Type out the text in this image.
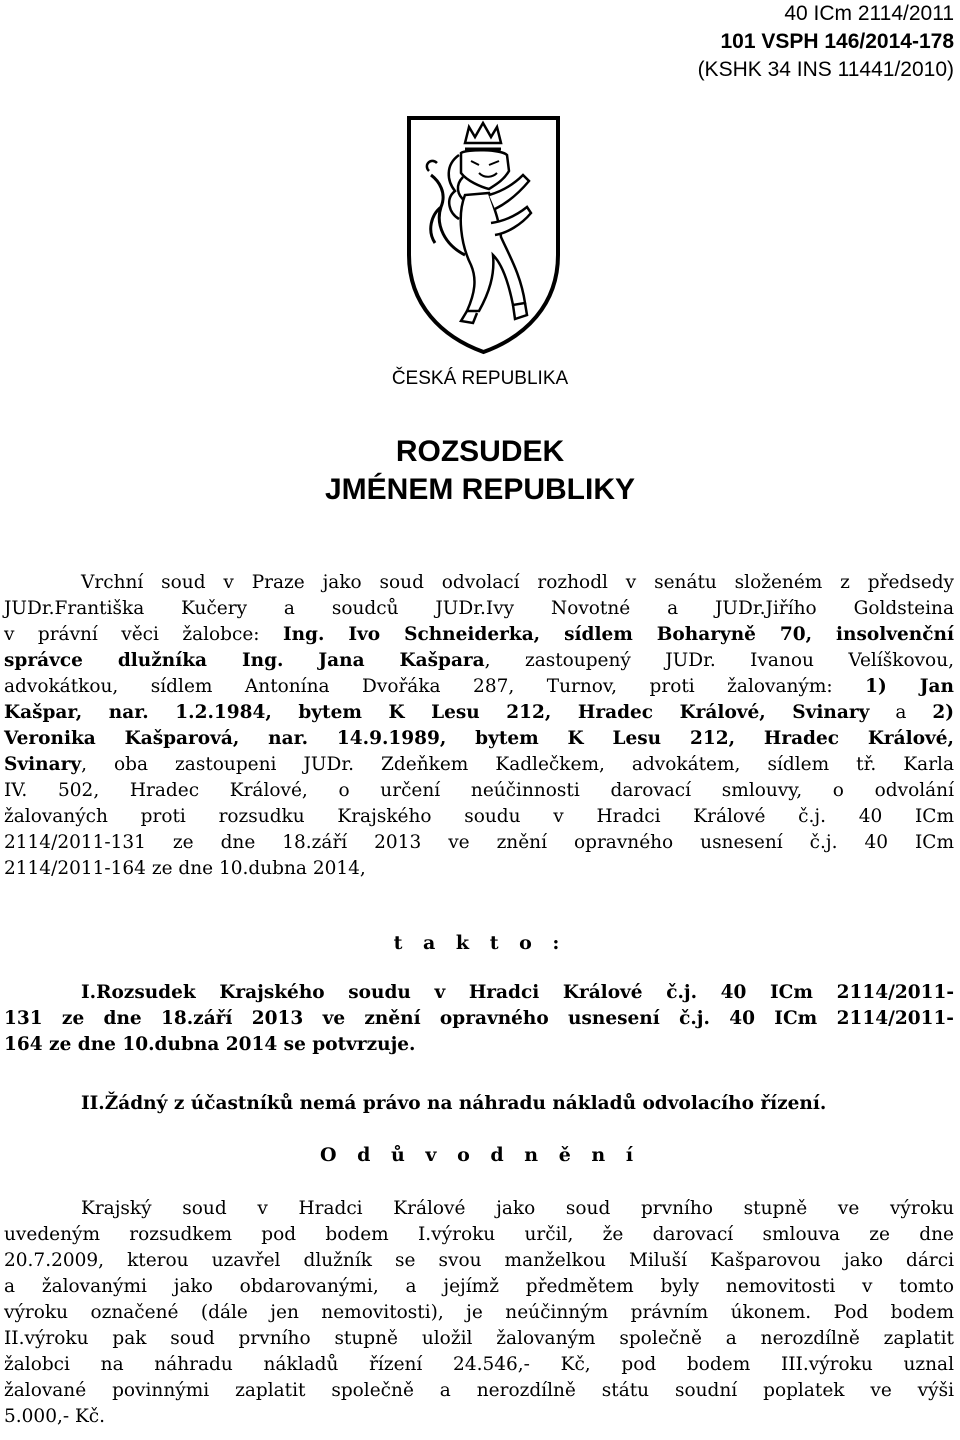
40 ICm 2114/2011
101 VSPH 146/2014-178
(KSHK 34 INS 11441/2010)
ČESKÁ REPUBLIKA
ROZSUDEK
JMÉNEM REPUBLIKY
Vrchní soud v Praze jako soud odvolací rozhodl v senátu složeném z předsedy
JUDr.Františka Kučery a soudců JUDr.Ivy Novotné a JUDr.Jiřího Goldsteina
v právní věci žalobce: Ing. Ivo Schneiderka, sídlem Boharyně 70, insolvenční
správce dlužníka Ing. Jana Kašpara, zastoupený JUDr. Ivanou Velíškovou,
advokátkou, sídlem Antonína Dvořáka 287, Turnov, proti žalovaným: 1) Jan
Kašpar, nar. 1.2.1984, bytem K Lesu 212, Hradec Králové, Svinary a 2)
Veronika Kašparová, nar. 14.9.1989, bytem K Lesu 212, Hradec Králové,
Svinary, oba zastoupeni JUDr. Zdeňkem Kadlečkem, advokátem, sídlem tř. Karla
IV. 502, Hradec Králové, o určení neúčinnosti darovací smlouvy, o odvolání
žalovaných proti rozsudku Krajského soudu v Hradci Králové č.j. 40 ICm
2114/2011-131 ze dne 18.září 2013 ve znění opravného usnesení č.j. 40 ICm
2114/2011-164 ze dne 10.dubna 2014,
t a k t o :
I.Rozsudek Krajského soudu v Hradci Králové č.j. 40 ICm 2114/2011-
131 ze dne 18.září 2013 ve znění opravného usnesení č.j. 40 ICm 2114/2011-
164 ze dne 10.dubna 2014 se potvrzuje.
II.Žádný z účastníků nemá právo na náhradu nákladů odvolacího řízení.
O d ů v o d n ě n í
Krajský soud v Hradci Králové jako soud prvního stupně ve výroku
uvedeným rozsudkem pod bodem I.výroku určil, že darovací smlouva ze dne
20.7.2009, kterou uzavřel dlužník se svou manželkou Miluší Kašparovou jako dárci
a žalovanými jako obdarovanými, a jejímž předmětem byly nemovitosti v tomto
výroku označené (dále jen nemovitosti), je neúčinným právním úkonem. Pod bodem
II.výroku pak soud prvního stupně uložil žalovaným společně a nerozdílně zaplatit
žalobci na náhradu nákladů řízení 24.546,- Kč, pod bodem III.výroku uznal
žalované povinnými zaplatit společně a nerozdílně státu soudní poplatek ve výši
5.000,- Kč.
